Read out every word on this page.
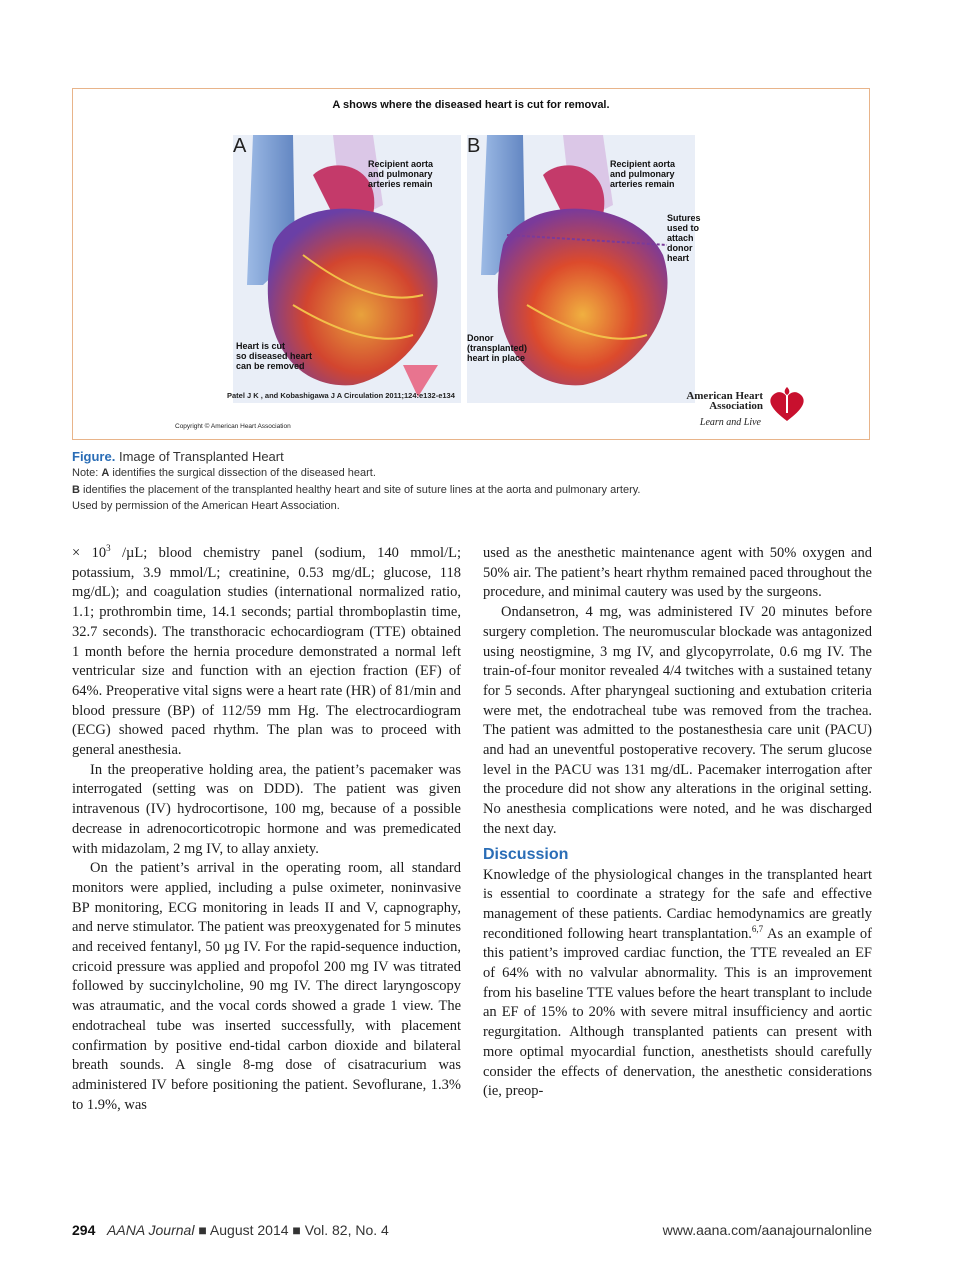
A shows where the diseased heart is cut for removal.
A
Recipient aorta
and pulmonary
arteries remain
Heart is cut
so diseased heart
can be removed
B
Recipient aorta
and pulmonary
arteries remain
Sutures
used to
attach
donor
heart
Donor
(transplanted)
heart in place
Patel J K , and Kobashigawa J A Circulation 2011;124:e132-e134
Copyright © American Heart Association
American Heart
Association
Learn and Live
Figure. Image of Transplanted Heart
Note: A identifies the surgical dissection of the diseased heart.
B identifies the placement of the transplanted healthy heart and site of suture lines at the aorta and pulmonary artery.
Used by permission of the American Heart Association.

× $10^3$ /µL; blood chemistry panel (sodium, 140 mmol/L; potassium, 3.9 mmol/L; creatinine, 0.53 mg/dL; glucose, 118 mg/dL); and coagulation studies (international normalized ratio, 1.1; prothrombin time, 14.1 seconds; partial thromboplastin time, 32.7 seconds). The transthoracic echocardiogram (TTE) obtained 1 month before the hernia procedure demonstrated a normal left ventricular size and function with an ejection fraction (EF) of 64%. Preoperative vital signs were a heart rate (HR) of 81/min and blood pressure (BP) of 112/59 mm Hg. The electrocardiogram (ECG) showed paced rhythm. The plan was to proceed with general anesthesia.

In the preoperative holding area, the patient’s pacemaker was interrogated (setting was on DDD). The patient was given intravenous (IV) hydrocortisone, 100 mg, because of a possible decrease in adrenocorticotropic hormone and was premedicated with midazolam, 2 mg IV, to allay anxiety.

On the patient’s arrival in the operating room, all standard monitors were applied, including a pulse oximeter, noninvasive BP monitoring, ECG monitoring in leads II and V, capnography, and nerve stimulator. The patient was preoxygenated for 5 minutes and received fentanyl, 50 µg IV. For the rapid-sequence induction, cricoid pressure was applied and propofol 200 mg IV was titrated followed by succinylcholine, 90 mg IV. The direct laryngoscopy was atraumatic, and the vocal cords showed a grade 1 view. The endotracheal tube was inserted successfully, with placement confirmation by positive end-tidal carbon dioxide and bilateral breath sounds. A single 8-mg dose of cisatracurium was administered IV before positioning the patient. Sevoflurane, 1.3% to 1.9%, was

used as the anesthetic maintenance agent with 50% oxygen and 50% air. The patient’s heart rhythm remained paced throughout the procedure, and minimal cautery was used by the surgeons.

Ondansetron, 4 mg, was administered IV 20 minutes before surgery completion. The neuromuscular blockade was antagonized using neostigmine, 3 mg IV, and glycopyrrolate, 0.6 mg IV. The train-of-four monitor revealed 4/4 twitches with a sustained tetany for 5 seconds. After pharyngeal suctioning and extubation criteria were met, the endotracheal tube was removed from the trachea. The patient was admitted to the postanesthesia care unit (PACU) and had an uneventful postoperative recovery. The serum glucose level in the PACU was 131 mg/dL. Pacemaker interrogation after the procedure did not show any alterations in the original setting. No anesthesia complications were noted, and he was discharged the next day.

Discussion

Knowledge of the physiological changes in the transplanted heart is essential to coordinate a strategy for the safe and effective management of these patients. Cardiac hemodynamics are greatly reconditioned following heart transplantation.$^{6,7}$ As an example of this patient’s improved cardiac function, the TTE revealed an EF of 64% with no valvular abnormality. This is an improvement from his baseline TTE values before the heart transplant to include an EF of 15% to 20% with severe mitral insufficiency and aortic regurgitation. Although transplanted patients can present with more optimal myocardial function, anesthetists should carefully consider the effects of denervation, the anesthetic considerations (ie, preop-

294 AANA Journal ■ August 2014 ■ Vol. 82, No. 4	www.aana.com/aanajournalonline
